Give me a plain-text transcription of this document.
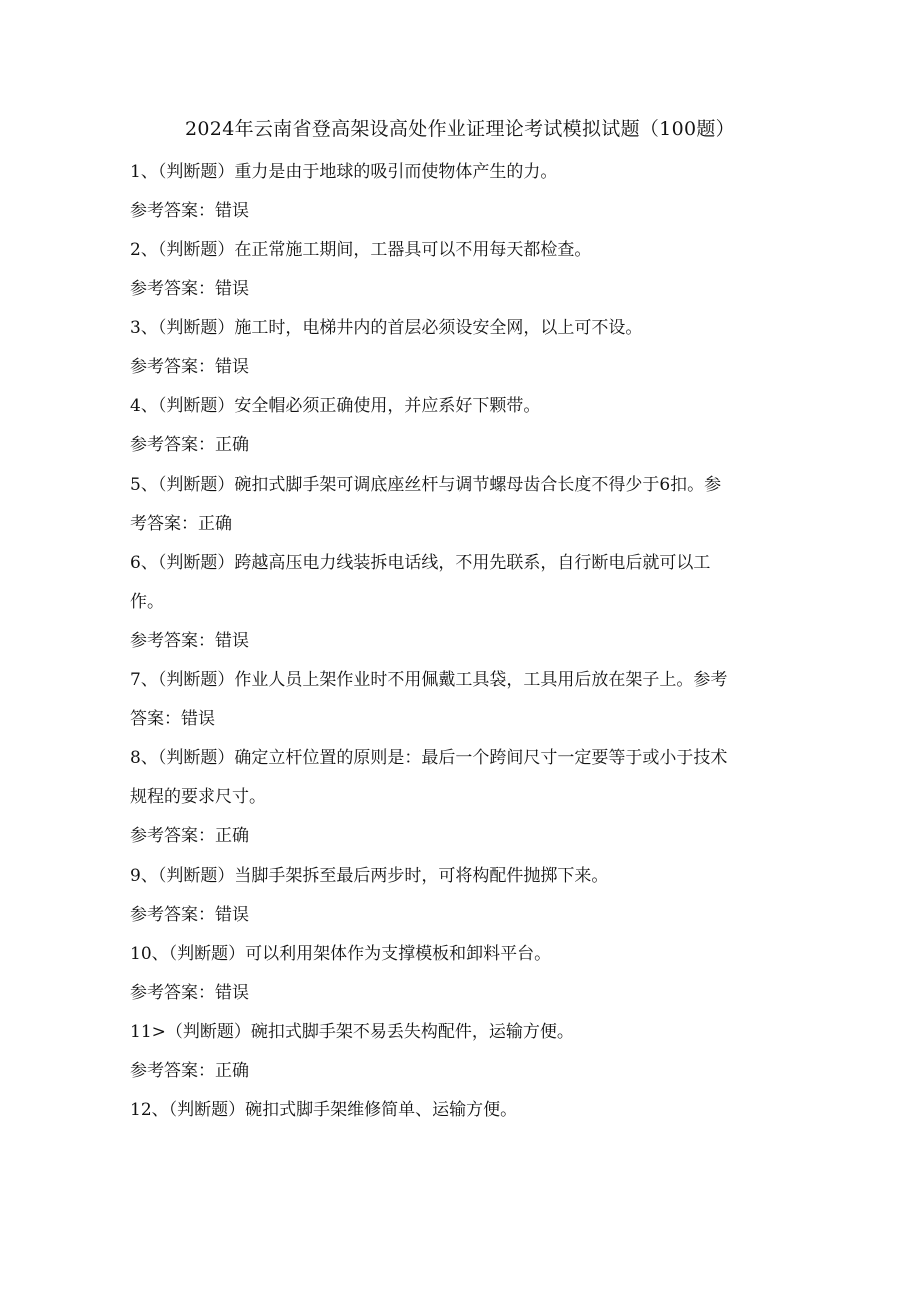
2024年云南省登高架设高处作业证理论考试模拟试题（100题）
1、（判断题）重力是由于地球的吸引而使物体产生的力。
参考答案：错误
2、（判断题）在正常施工期间，工器具可以不用每天都检查。
参考答案：错误
3、（判断题）施工时，电梯井内的首层必须设安全网，以上可不设。
参考答案：错误
4、（判断题）安全帽必须正确使用，并应系好下颗带。
参考答案：正确
5、（判断题）碗扣式脚手架可调底座丝杆与调节螺母齿合长度不得少于6扣。参
考答案：正确
6、（判断题）跨越高压电力线装拆电话线，不用先联系，自行断电后就可以工
作。
参考答案：错误
7、（判断题）作业人员上架作业时不用佩戴工具袋，工具用后放在架子上。参考
答案：错误
8、（判断题）确定立杆位置的原则是：最后一个跨间尺寸一定要等于或小于技术
规程的要求尺寸。
参考答案：正确
9、（判断题）当脚手架拆至最后两步时，可将构配件抛掷下来。
参考答案：错误
10、（判断题）可以利用架体作为支撑模板和卸料平台。
参考答案：错误
11>（判断题）碗扣式脚手架不易丢失构配件，运输方便。
参考答案：正确
12、（判断题）碗扣式脚手架维修简单、运输方便。
